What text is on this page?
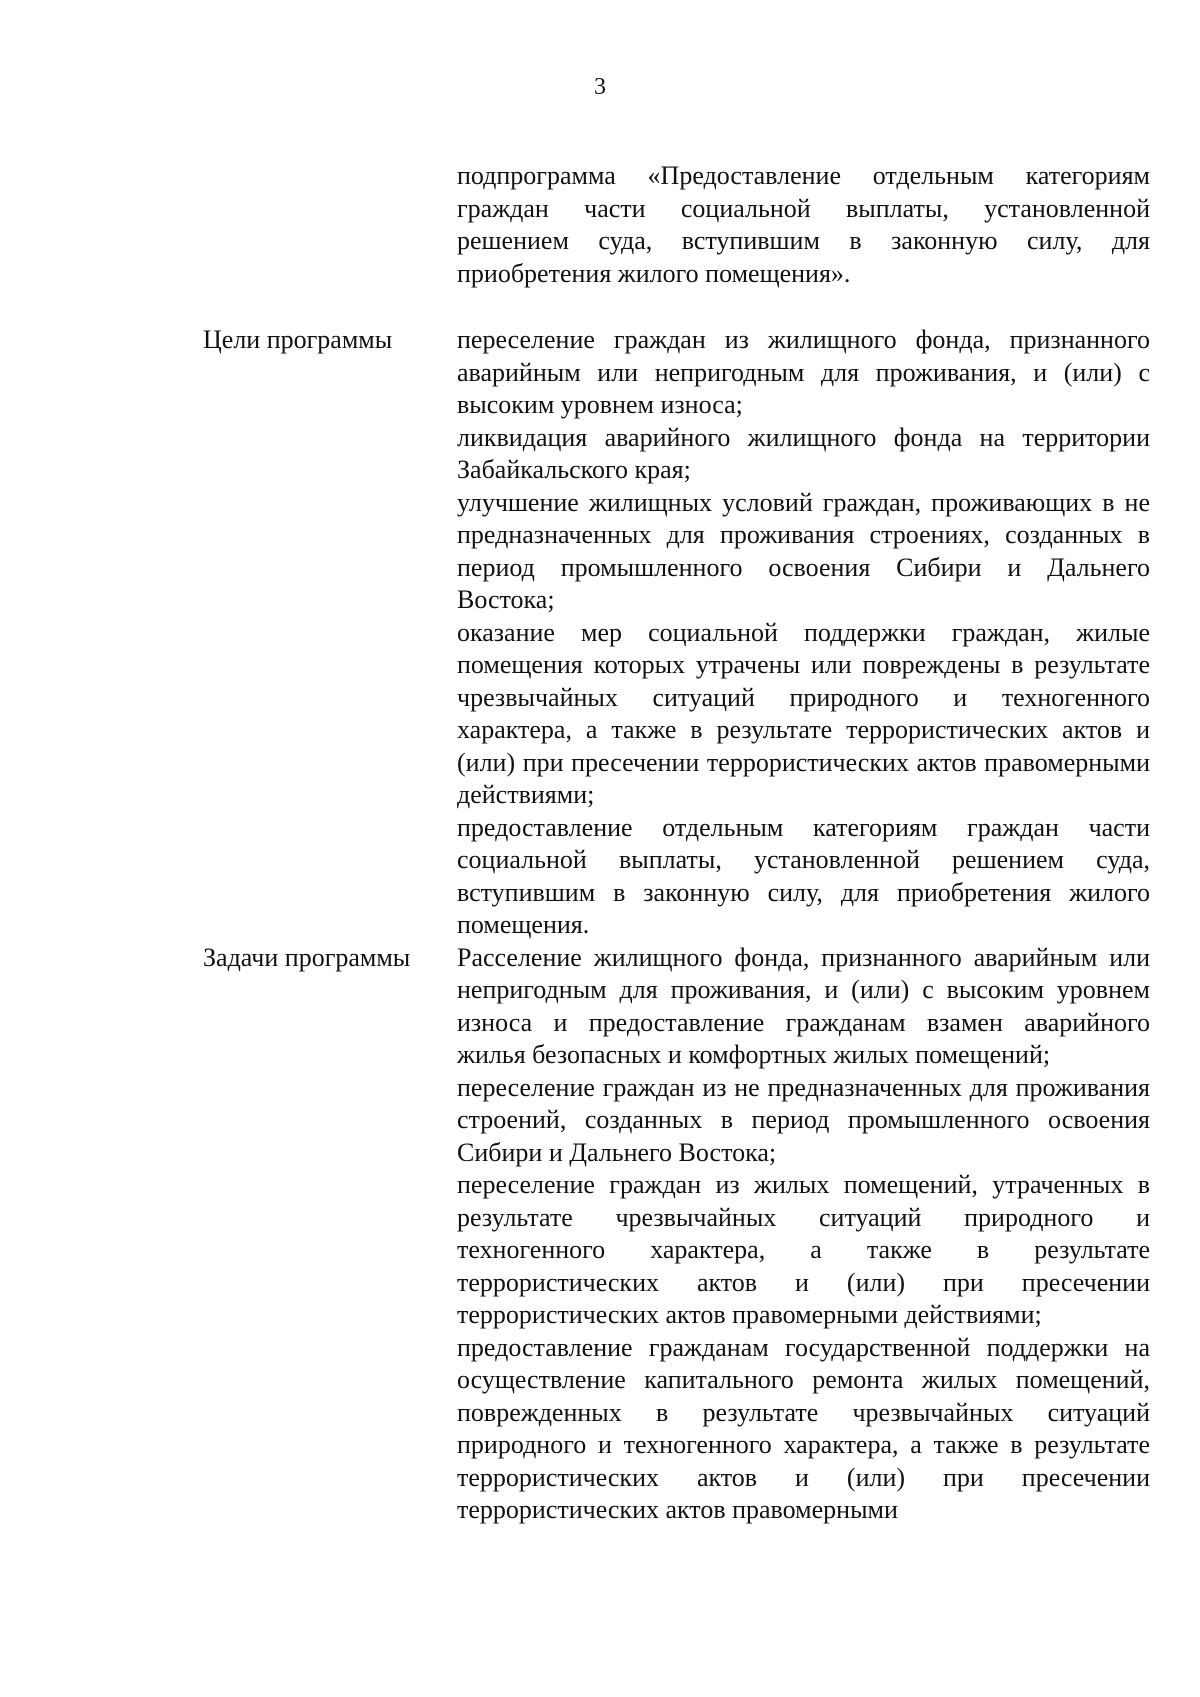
3

подпрограмма «Предоставление отдельным категориям граждан части социальной выплаты, установленной решением суда, вступившим в законную силу, для приобретения жилого помещения».

Цели программы	переселение граждан из жилищного фонда, признанного аварийным или непригодным для проживания, и (или) с высоким уровнем износа;

ликвидация аварийного жилищного фонда на территории Забайкальского края;

улучшение жилищных условий граждан, проживающих в не предназначенных для проживания строениях, созданных в период промышленного освоения Сибири и Дальнего Востока;

оказание мер социальной поддержки граждан, жилые помещения которых утрачены или повреждены в результате чрезвычайных ситуаций природного и техногенного характера, а также в результате террористических актов и (или) при пресечении террористических актов правомерными действиями;

предоставление отдельным категориям граждан части социальной выплаты, установленной решением суда, вступившим в законную силу, для приобретения жилого помещения.

Задачи программы	Расселение жилищного фонда, признанного аварийным или непригодным для проживания, и (или) с высоким уровнем износа и предоставление гражданам взамен аварийного жилья безопасных и комфортных жилых помещений;

переселение граждан из не предназначенных для проживания строений, созданных в период промышленного освоения Сибири и Дальнего Востока;

переселение граждан из жилых помещений, утраченных в результате чрезвычайных ситуаций природного и техногенного характера, а также в результате террористических актов и (или) при пресечении террористических актов правомерными действиями;

предоставление гражданам государственной поддержки на осуществление капитального ремонта жилых помещений, поврежденных в результате чрезвычайных ситуаций природного и техногенного характера, а также в результате террористических актов и (или) при пресечении террористических актов правомерными
